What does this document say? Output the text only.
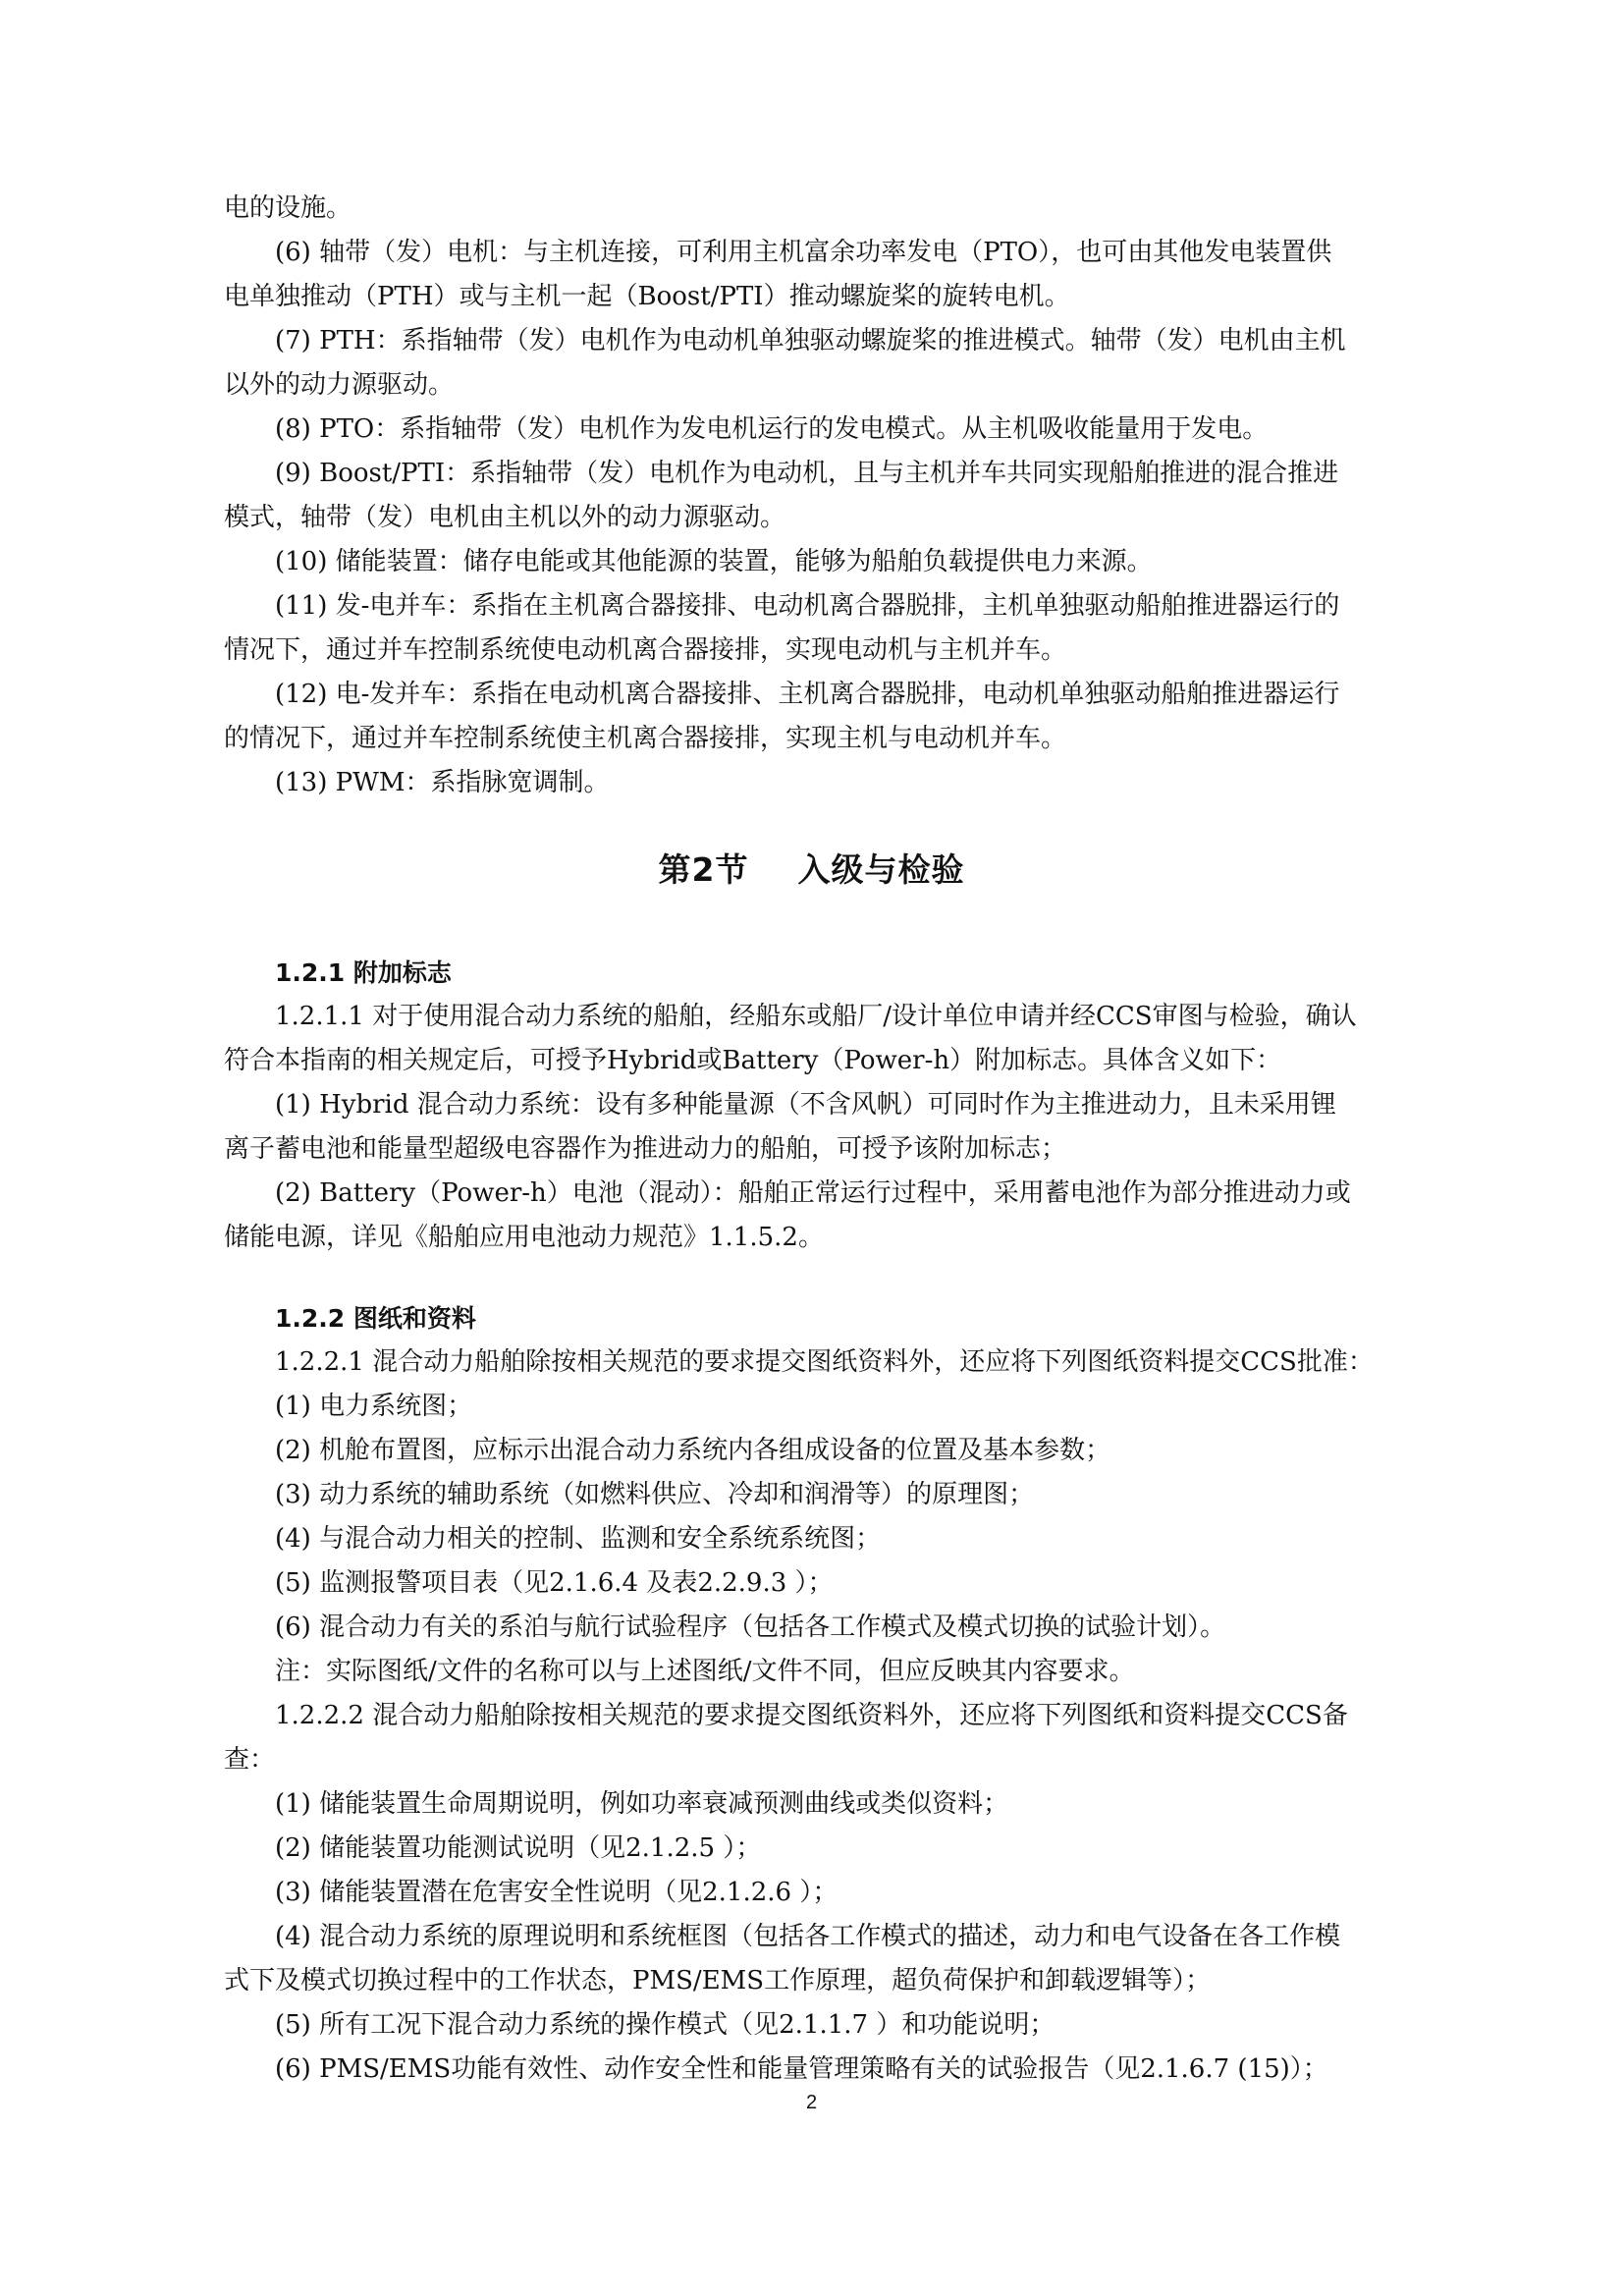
电的设施。

(6) 轴带（发）电机：与主机连接，可利用主机富余功率发电（PTO），也可由其他发电装置供

电单独推动（PTH）或与主机一起（Boost/PTI）推动螺旋桨的旋转电机。

(7) PTH：系指轴带（发）电机作为电动机单独驱动螺旋桨的推进模式。轴带（发）电机由主机

以外的动力源驱动。

(8) PTO：系指轴带（发）电机作为发电机运行的发电模式。从主机吸收能量用于发电。

(9) Boost/PTI：系指轴带（发）电机作为电动机，且与主机并车共同实现船舶推进的混合推进

模式，轴带（发）电机由主机以外的动力源驱动。

(10) 储能装置：储存电能或其他能源的装置，能够为船舶负载提供电力来源。

(11) 发-电并车：系指在主机离合器接排、电动机离合器脱排，主机单独驱动船舶推进器运行的

情况下，通过并车控制系统使电动机离合器接排，实现电动机与主机并车。

(12) 电-发并车：系指在电动机离合器接排、主机离合器脱排，电动机单独驱动船舶推进器运行

的情况下，通过并车控制系统使主机离合器接排，实现主机与电动机并车。

(13) PWM：系指脉宽调制。

第2节    入级与检验

1.2.1 附加标志

1.2.1.1 对于使用混合动力系统的船舶，经船东或船厂/设计单位申请并经CCS审图与检验，确认

符合本指南的相关规定后，可授予Hybrid或Battery（Power-h）附加标志。具体含义如下：

(1) Hybrid 混合动力系统：设有多种能量源（不含风帆）可同时作为主推进动力，且未采用锂

离子蓄电池和能量型超级电容器作为推进动力的船舶，可授予该附加标志；

(2) Battery（Power-h）电池（混动）：船舶正常运行过程中，采用蓄电池作为部分推进动力或

储能电源，详见《船舶应用电池动力规范》1.1.5.2。

1.2.2 图纸和资料

1.2.2.1 混合动力船舶除按相关规范的要求提交图纸资料外，还应将下列图纸资料提交CCS批准：

(1) 电力系统图；

(2) 机舱布置图，应标示出混合动力系统内各组成设备的位置及基本参数；

(3) 动力系统的辅助系统（如燃料供应、冷却和润滑等）的原理图；

(4) 与混合动力相关的控制、监测和安全系统系统图；

(5) 监测报警项目表（见2.1.6.4 及表2.2.9.3 ）；

(6) 混合动力有关的系泊与航行试验程序（包括各工作模式及模式切换的试验计划）。

注：实际图纸/文件的名称可以与上述图纸/文件不同，但应反映其内容要求。

1.2.2.2 混合动力船舶除按相关规范的要求提交图纸资料外，还应将下列图纸和资料提交CCS备

查：

(1) 储能装置生命周期说明，例如功率衰减预测曲线或类似资料；

(2) 储能装置功能测试说明（见2.1.2.5 ）；

(3) 储能装置潜在危害安全性说明（见2.1.2.6 ）；

(4) 混合动力系统的原理说明和系统框图（包括各工作模式的描述，动力和电气设备在各工作模

式下及模式切换过程中的工作状态，PMS/EMS工作原理，超负荷保护和卸载逻辑等）；

(5) 所有工况下混合动力系统的操作模式（见2.1.1.7 ）和功能说明；

(6) PMS/EMS功能有效性、动作安全性和能量管理策略有关的试验报告（见2.1.6.7 (15)）；

2
